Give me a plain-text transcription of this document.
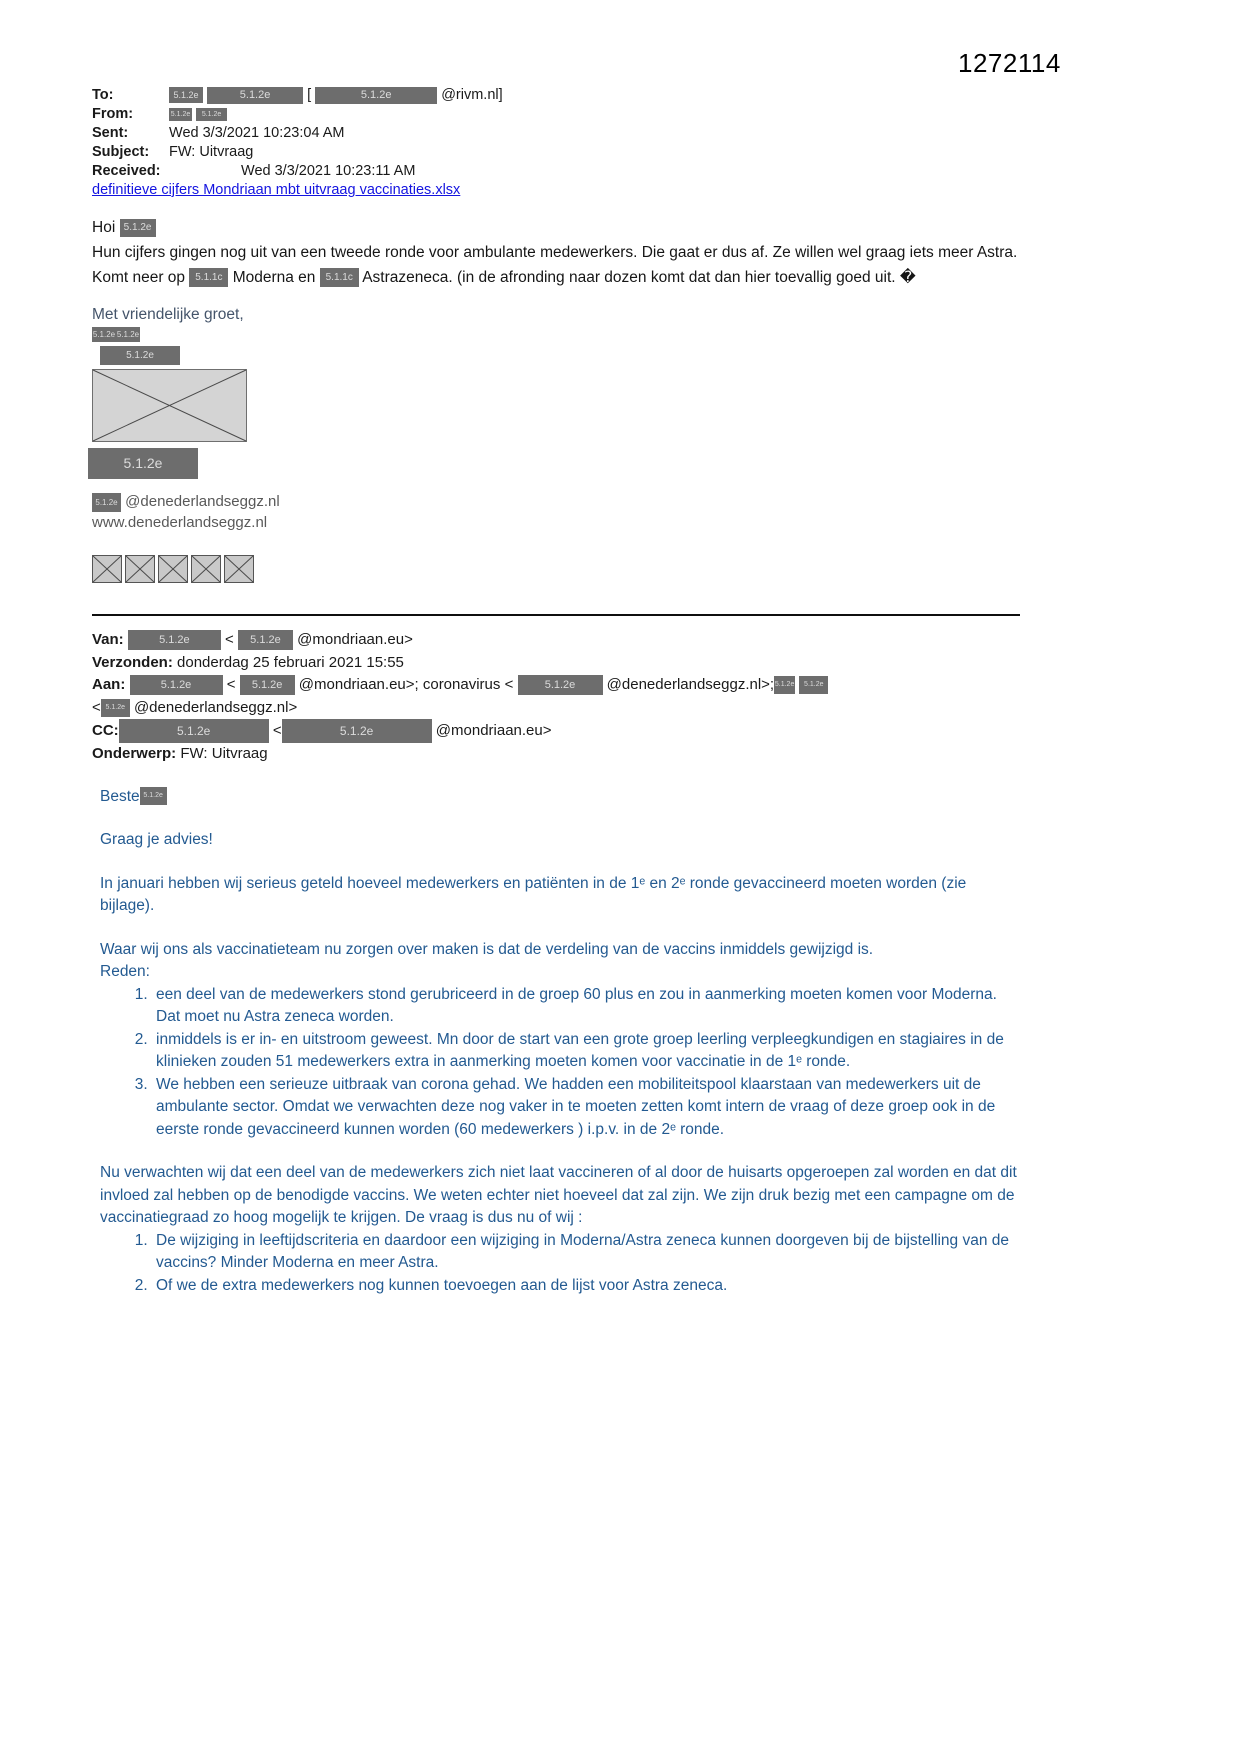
1272114
To:	5.1.2e	5.1.2e	[	5.1.2e	@rivm.nl]
From:	5.1.2e 5.1.2e
Sent:	Wed 3/3/2021 10:23:04 AM
Subject: FW: Uitvraag
Received:	Wed 3/3/2021 10:23:11 AM
definitieve cijfers Mondriaan mbt uitvraag vaccinaties.xlsx
Hoi 5.1.2e
Hun cijfers gingen nog uit van een tweede ronde voor ambulante medewerkers. Die gaat er dus af. Ze willen wel graag iets meer Astra.
Komt neer op 5.1.1c Moderna en 5.1.1c Astrazeneca. (in de afronding naar dozen komt dat dan hier toevallig goed uit. �
Met vriendelijke groet,
5.1.2e 5.1.2e
5.1.2e
5.1.2e
5.1.2e @denederlandseggz.nl
www.denederlandseggz.nl
Van:	5.1.2e < 5.1.2e @mondriaan.eu>
Verzonden: donderdag 25 februari 2021 15:55
Aan:	5.1.2e < 5.1.2e @mondriaan.eu>; coronavirus <	5.1.2e @denederlandseggz.nl>;5.1.2e 5.1.2e
< 5.1.2e @denederlandseggz.nl>
CC:	5.1.2e	<	5.1.2e	@mondriaan.eu>
Onderwerp: FW: Uitvraag

Beste 5.1.2e

Graag je advies!

In januari hebben wij serieus geteld hoeveel medewerkers en patiënten in de 1ᵉ en 2ᵉ ronde gevaccineerd moeten worden (zie bijlage).

Waar wij ons als vaccinatieteam nu zorgen over maken is dat de verdeling van de vaccins inmiddels gewijzigd is.

Reden:

1. een deel van de medewerkers stond gerubriceerd in de groep 60 plus en zou in aanmerking moeten komen voor Moderna. Dat moet nu Astra zeneca worden.
2. inmiddels is er in- en uitstroom geweest. Mn door de start van een grote groep leerling verpleegkundigen en stagiaires in de klinieken zouden 51 medewerkers extra in aanmerking moeten komen voor vaccinatie in de 1ᵉ ronde.
3. We hebben een serieuze uitbraak van corona gehad. We hadden een mobiliteitspool klaarstaan van medewerkers uit de ambulante sector. Omdat we verwachten deze nog vaker in te moeten zetten komt intern de vraag of deze groep ook in de eerste ronde gevaccineerd kunnen worden (60 medewerkers ) i.p.v. in de 2ᵉ ronde.

Nu verwachten wij dat een deel van de medewerkers zich niet laat vaccineren of al door de huisarts opgeroepen zal worden en dat dit invloed zal hebben op de benodigde vaccins. We weten echter niet hoeveel dat zal zijn. We zijn druk bezig met een campagne om de vaccinatiegraad zo hoog mogelijk te krijgen. De vraag is dus nu of wij :

1. De wijziging in leeftijdscriteria en daardoor een wijziging in Moderna/Astra zeneca kunnen doorgeven bij de bijstelling van de vaccins? Minder Moderna en meer Astra.
2. Of we de extra medewerkers nog kunnen toevoegen aan de lijst voor Astra zeneca.
